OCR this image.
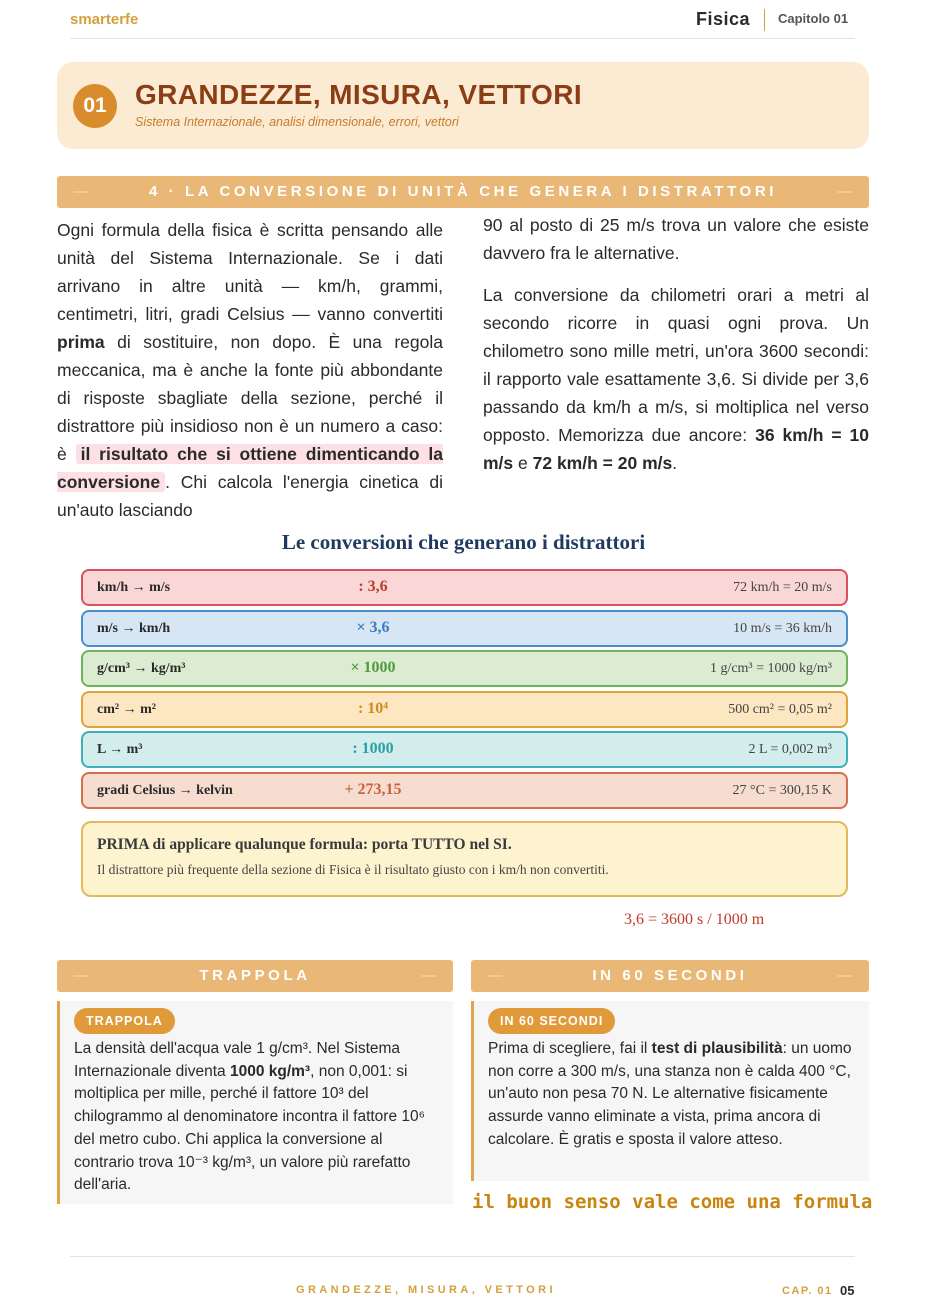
smarterfe	Fisica Capitolo 01
01	GRANDEZZE, MISURA, VETTORI
Sistema Internazionale, analisi dimensionale, errori, vettori
—	4 · LA CONVERSIONE DI UNITÀ CHE GENERA I DISTRATTORI	—

Ogni formula della fisica è scritta pensando alle unità del Sistema Internazionale. Se i dati arrivano in altre unità — km/h, grammi, centimetri, litri, gradi Celsius — vanno convertiti prima di sostituire, non dopo. È una regola meccanica, ma è anche la fonte più abbondante di risposte sbagliate della sezione, perché il distrattore più insidioso non è un numero a caso: è il risultato che si ottiene dimenticando la conversione . Chi calcola l'energia cinetica di un'auto lasciando

90 al posto di 25 m/s trova un valore che esiste davvero fra le alternative.

La conversione da chilometri orari a metri al secondo ricorre in quasi ogni prova. Un chilometro sono mille metri, un'ora 3600 secondi: il rapporto vale esattamente 3,6. Si divide per 3,6 passando da km/h a m/s, si moltiplica nel verso opposto. Memorizza due ancore: 36 km/h = 10 m/s e 72 km/h = 20 m/s.

Le conversioni che generano i distrattori
km/h → m/s	: 3,6	72 km/h = 20 m/s
m/s → km/h	× 3,6	10 m/s = 36 km/h
g/cm³ → kg/m³	× 1000	1 g/cm³ = 1000 kg/m³
cm² → m²	: 10⁴	500 cm² = 0,05 m²
L → m³	: 1000	2 L = 0,002 m³
gradi Celsius → kelvin	+ 273,15	27 °C = 300,15 K
PRIMA di applicare qualunque formula: porta TUTTO nel SI.
Il distrattore più frequente della sezione di Fisica è il risultato giusto con i km/h non convertiti.
3,6 = 3600 s / 1000 m
—	TRAPPOLA	—
TRAPPOLA
La densità dell'acqua vale 1 g/cm³. Nel Sistema Internazionale diventa 1000 kg/m³, non 0,001: si moltiplica per mille, perché il fattore 10³ del chilogrammo al denominatore incontra il fattore 10⁶ del metro cubo. Chi applica la conversione al contrario trova 10⁻³ kg/m³, un valore più rarefatto dell'aria.
—	IN 60 SECONDI	—
IN 60 SECONDI
Prima di scegliere, fai il test di plausibilità: un uomo non corre a 300 m/s, una stanza non è calda 400 °C, un'auto non pesa 70 N. Le alternative fisicamente assurde vanno eliminate a vista, prima ancora di calcolare. È gratis e sposta il valore atteso.
il buon senso vale come una formula
GRANDEZZE, MISURA, VETTORI	CAP. 01 05
